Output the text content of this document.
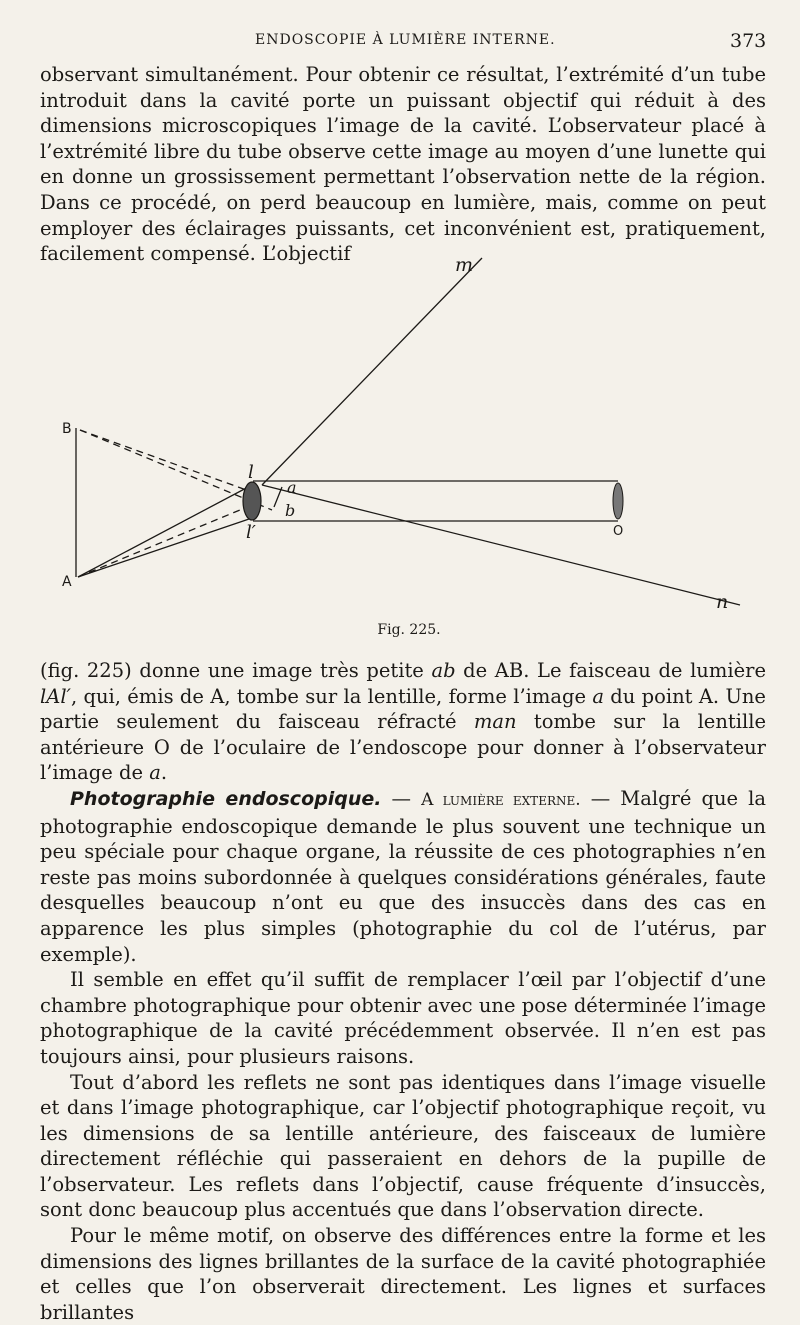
ENDOSCOPIE À LUMIÈRE INTERNE.	373

observant simultanément. Pour obtenir ce résultat, l’extrémité d’un tube introduit dans la cavité porte un puissant objectif qui réduit à des dimensions microscopiques l’image de la cavité. L’observateur placé à l’extrémité libre du tube observe cette image au moyen d’une lunette qui en donne un grossissement permettant l’observation nette de la région. Dans ce procédé, on perd beaucoup en lumière, mais, comme on peut employer des éclairages puissants, cet inconvénient est, pratiquement, facilement compensé. L’objectif	m
n
B
A
l
l′
a
b
O
Fig. 225.

(fig. 225) donne une image très petite ab de AB. Le faisceau de lumière lAl′, qui, émis de A, tombe sur la lentille, forme l’image a du point A. Une partie seulement du faisceau réfracté man tombe sur la lentille antérieure O de l’oculaire de l’endoscope pour donner à l’observateur l’image de a.

Photographie endoscopique. — A lumière externe. — Malgré que la photographie endoscopique demande le plus souvent une technique un peu spéciale pour chaque organe, la réussite de ces photographies n’en reste pas moins subordonnée à quelques considérations générales, faute desquelles beaucoup n’ont eu que des insuccès dans des cas en apparence les plus simples (photographie du col de l’utérus, par exemple).

Il semble en effet qu’il suffit de remplacer l’œil par l’objectif d’une chambre photographique pour obtenir avec une pose déterminée l’image photographique de la cavité précédemment observée. Il n’en est pas toujours ainsi, pour plusieurs raisons.

Tout d’abord les reflets ne sont pas identiques dans l’image visuelle et dans l’image photographique, car l’objectif photographique reçoit, vu les dimensions de sa lentille antérieure, des faisceaux de lumière directement réfléchie qui passeraient en dehors de la pupille de l’observateur. Les reflets dans l’objectif, cause fréquente d’insuccès, sont donc beaucoup plus accentués que dans l’observation directe.

Pour le même motif, on observe des différences entre la forme et les dimensions des lignes brillantes de la surface de la cavité photographiée et celles que l’on observerait directement. Les lignes et surfaces brillantes
